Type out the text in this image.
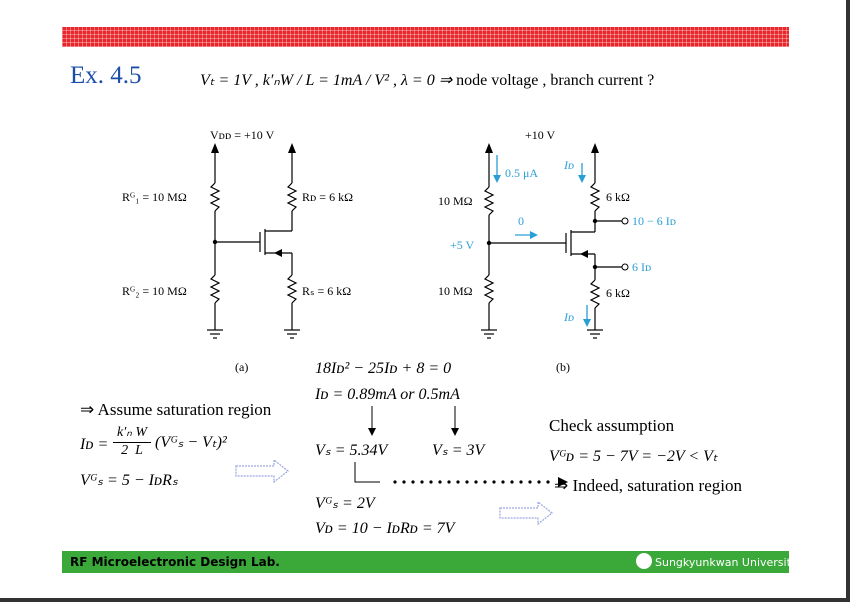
Ex. 4.5	Vₜ = 1V , k′ₙW / L = 1mA / V² , λ = 0 ⇒ node voltage , branch current ?
Vᴅᴅ = +10 V
Rᴳ₁ = 10 MΩ
Rᴳ₂ = 10 MΩ
Rᴅ = 6 kΩ
Rₛ = 6 kΩ
(a)
0.5 μA
Iᴅ
0
+5 V
Iᴅ
10 − 6 Iᴅ
6 Iᴅ
+10 V
10 MΩ
10 MΩ
6 kΩ
6 kΩ
(b)
⇒ Assume saturation region
Iᴅ =
k′ₙ W
2 L (Vᴳₛ − Vₜ)²
Vᴳₛ = 5 − IᴅRₛ
18Iᴅ² − 25Iᴅ + 8 = 0
Iᴅ = 0.89mA or 0.5mA
Vₛ = 5.34V	Vₛ = 3V
Vᴳₛ = 2V
Vᴅ = 10 − IᴅRᴅ = 7V
Check assumption
Vᴳᴅ = 5 − 7V = −2V < Vₜ
⇒ Indeed, saturation region
RF Microelectronic Design Lab.	Sungkyunkwan University
